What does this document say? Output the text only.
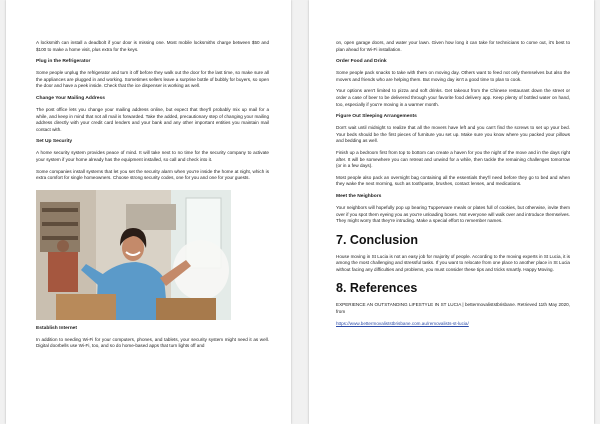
A locksmith can install a deadbolt if your door is missing one. Most mobile locksmiths charge between $50 and $100 to make a home visit, plus extra for the keys.

Plug in the Refrigerator

Some people unplug the refrigerator and turn it off before they walk out the door for the last time, so make sure all the appliances are plugged in and working. Sometimes sellers leave a surprise bottle of bubbly for buyers, so open the door and have a peek inside. Check that the ice dispenser is working as well.

Change Your Mailing Address

The post office lets you change your mailing address online, but expect that they'll probably mix up mail for a while, and keep in mind that not all mail is forwarded. Take the added, precautionary step of changing your mailing address directly with your credit card lenders and your bank and any other important entities you maintain mail contact with.

Set Up Security

A home security system provides peace of mind. It will take next to no time for the security company to activate your system if your home already has the equipment installed, so call and check into it.

Some companies install systems that let you set the security alarm when you're inside the home at night, which is extra comfort for single homeowners. Choose strong security codes, one for you and one for your guests.

Establish Internet

In addition to needing Wi-Fi for your computers, phones, and tablets, your security system might need it as well. Digital doorbells use Wi-Fi, too, and so do home-based apps that turn lights off and

on, open garage doors, and water your lawn. Given how long it can take for technicians to come out, it's best to plan ahead for Wi-Fi installation.

Order Food and Drink

Some people pack snacks to take with them on moving day. Others want to feed not only themselves but also the movers and friends who are helping them. But moving day isn't a good time to plan to cook.

Your options aren't limited to pizza and soft drinks. Get takeout from the Chinese restaurant down the street or order a case of beer to be delivered through your favorite food delivery app. Keep plenty of bottled water on hand, too, especially if you're moving in a warmer month.

Figure Out Sleeping Arrangements

Don't wait until midnight to realize that all the movers have left and you can't find the screws to set up your bed. Your beds should be the first pieces of furniture you set up. Make sure you know where you packed your pillows and bedding as well.

Finish up a bedroom first from top to bottom can create a haven for you the night of the move and in the days right after. It will be somewhere you can retreat and unwind for a while, then tackle the remaining challenges tomorrow (or in a few days).

Most people also pack an overnight bag containing all the essentials they'll need before they go to bed and when they wake the next morning, such as toothpaste, brushes, contact lenses, and medications.

Meet the Neighbors

Your neighbors will hopefully pop up bearing Tupperware meals or plates full of cookies, but otherwise, invite them over if you spot them eyeing you as you're unloading boxes. Not everyone will walk over and introduce themselves. They might worry that they're intruding. Make a special effort to remember names.

7. Conclusion

House moving in St Lucia is not an easy job for majority of people. According to the moving experts in St Lucia, it is among the most challenging and stressful tasks. If you want to relocate from one place to another place in St Lucia without facing any difficulties and problems, you must consider these tips and tricks smartly. Happy Moving.

8. References

EXPERIENCE AN OUTSTANDING LIFESTYLE IN ST LUCIA | bettermovaliststbrisbane. Retrieved 11th May 2020, from

https://www.bettermovaliststbrisbane.com.au/removalists-st-lucia/
